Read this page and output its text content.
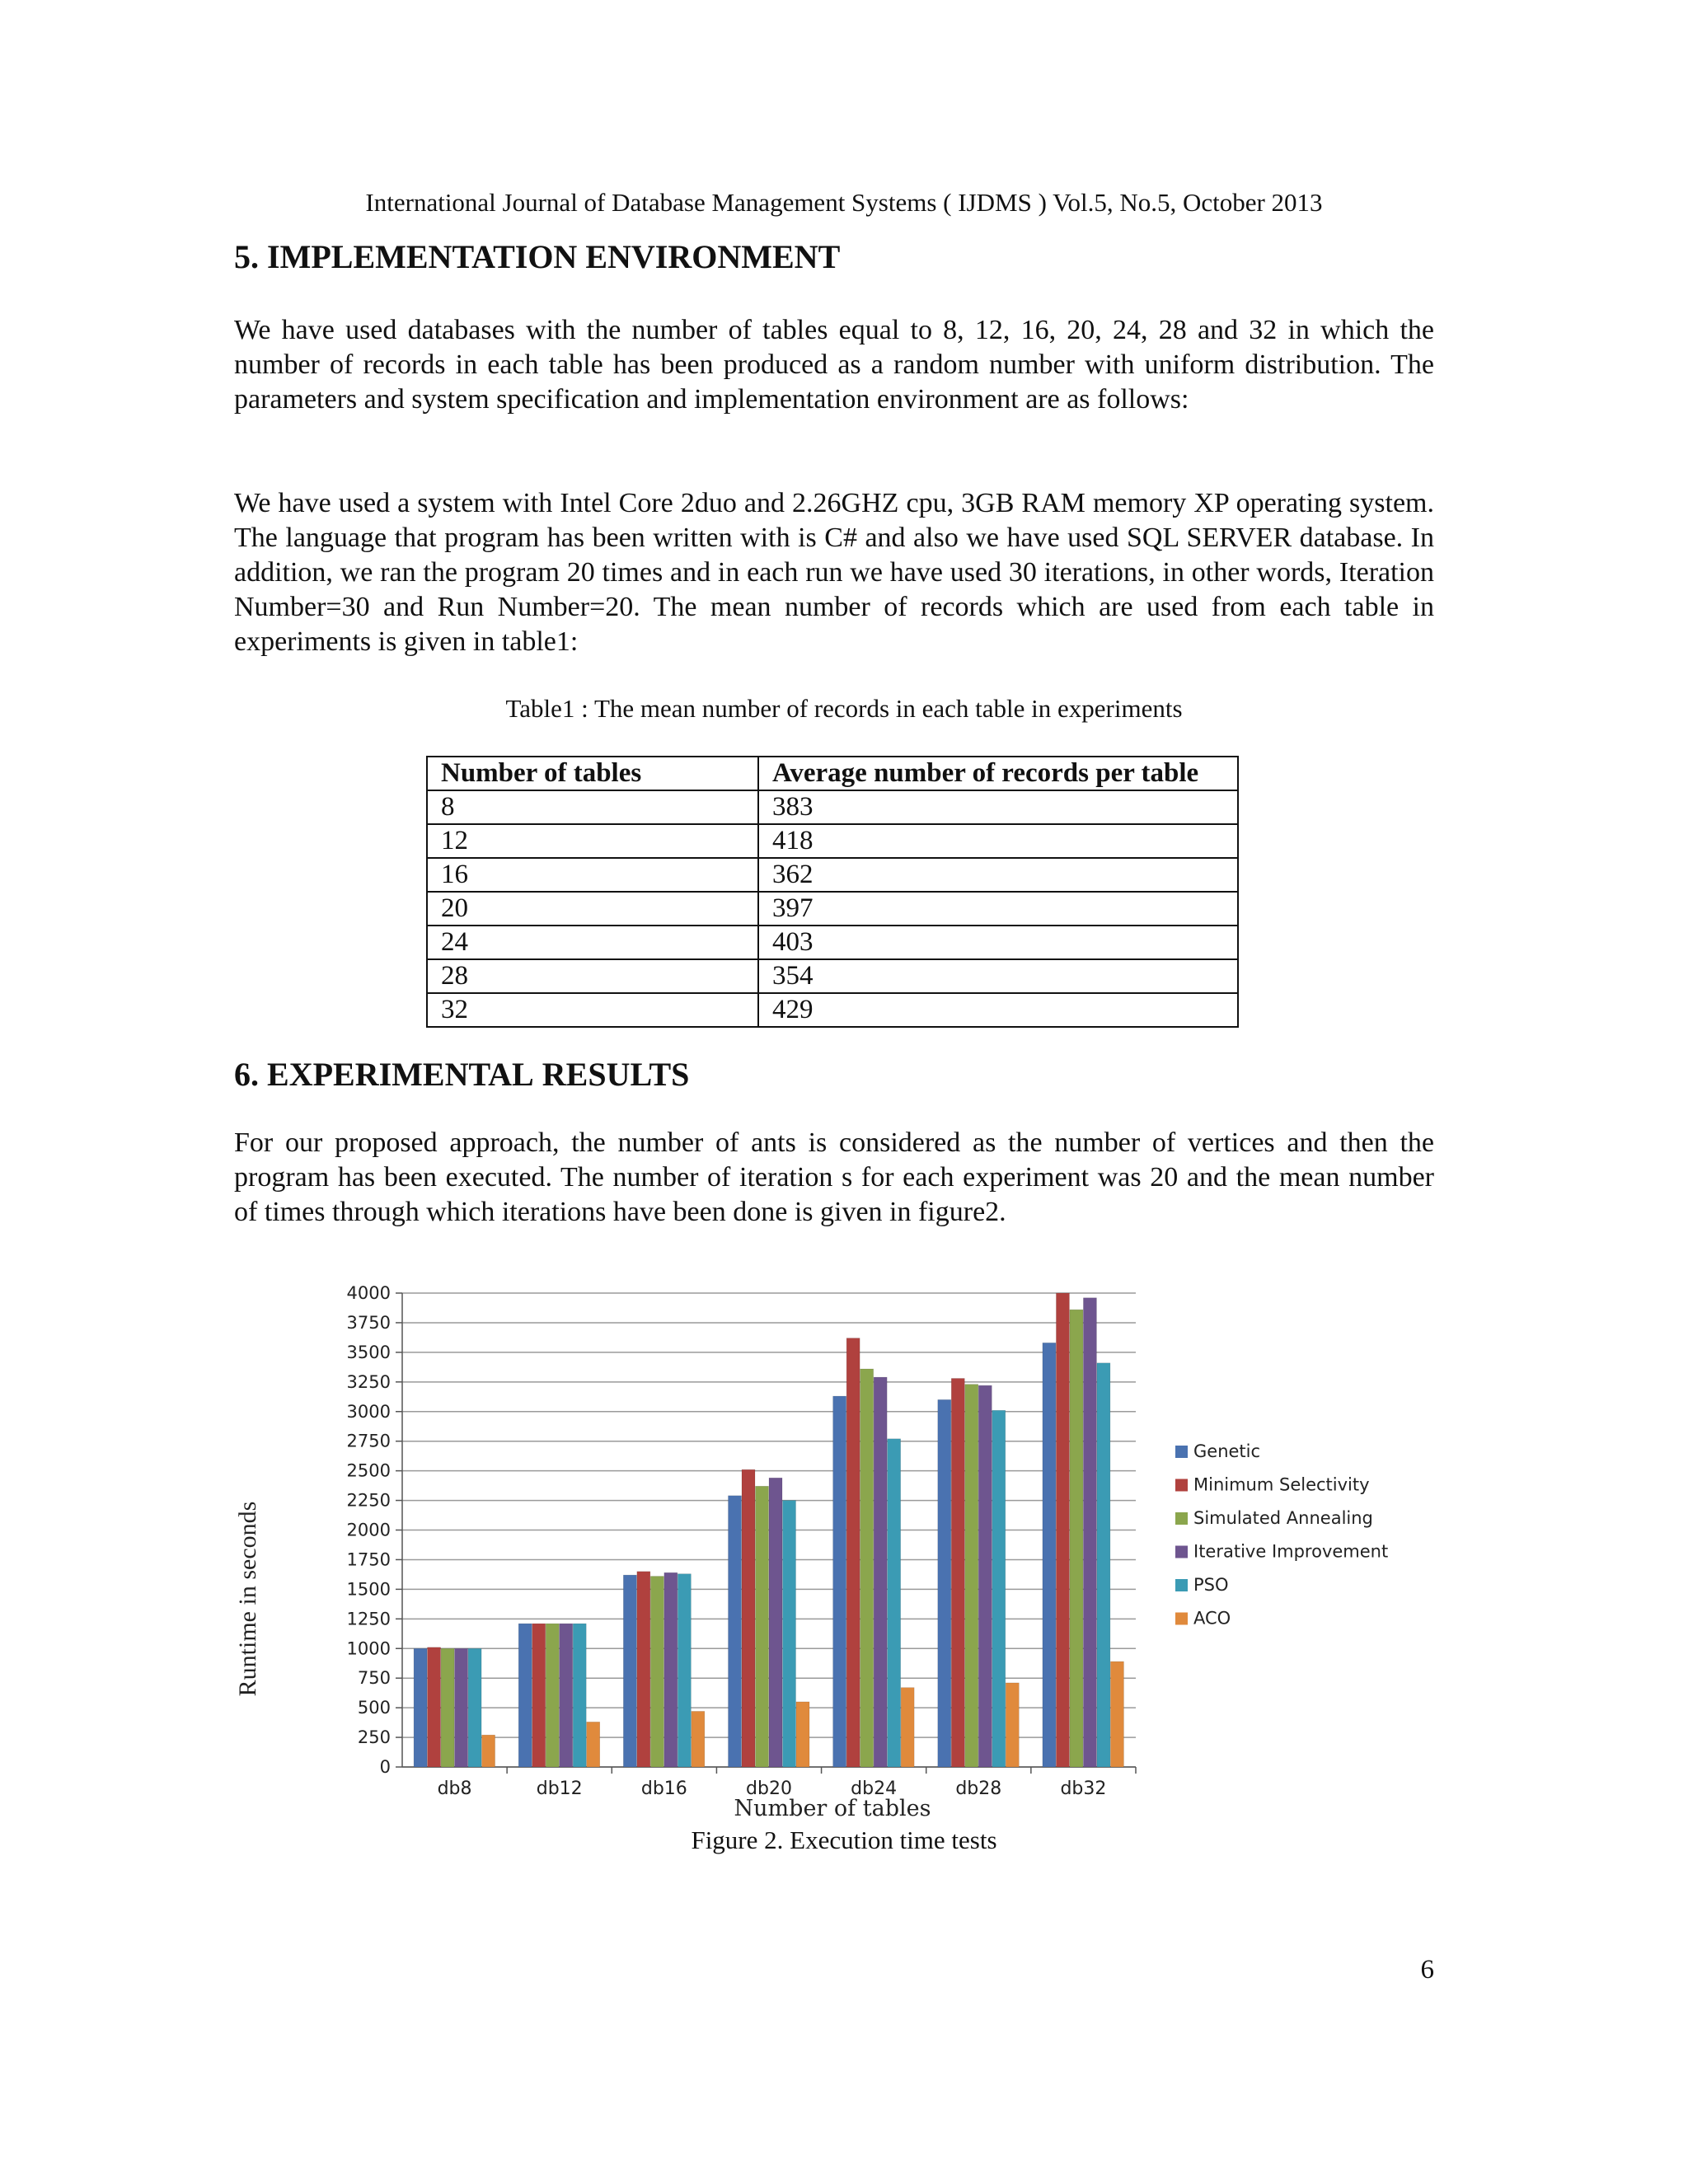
International Journal of Database Management Systems ( IJDMS ) Vol.5, No.5, October 2013
5. IMPLEMENTATION ENVIRONMENT
We have used databases with the number of tables equal to 8, 12, 16, 20, 24, 28 and 32 in which the number of records in each table has been produced as a random number with uniform distribution. The parameters and system specification and implementation environment are as follows:
We have used a system with Intel Core 2duo and 2.26GHZ cpu, 3GB RAM memory XP operating system. The language that program has been written with is C# and also we have used SQL SERVER database. In addition, we ran the program 20 times and in each run we have used 30 iterations, in other words, Iteration Number=30 and Run Number=20. The mean number of records which are used from each table in experiments is given in table1:
Table1 : The mean number of records in each table in experiments
Number of tables	Average number of records per table
8	383
12	418
16	362
20	397
24	403
28	354
32	429
6. EXPERIMENTAL RESULTS
For our proposed approach, the number of ants is considered as the number of vertices and then the program has been executed. The number of iteration s for each experiment was 20 and the mean number of times through which iterations have been done is given in figure2.
0
250
500
750
1000
1250
1500
1750
2000
2250
2500
2750
3000
3250
3500
3750
4000
db8	db12	db16	db20	db24	db28	db32
Genetic
Minimum Selectivity
Simulated Annealing
Iterative Improvement
PSO
ACO
Number of tables
Runtime in seconds
Figure 2. Execution time tests
6
